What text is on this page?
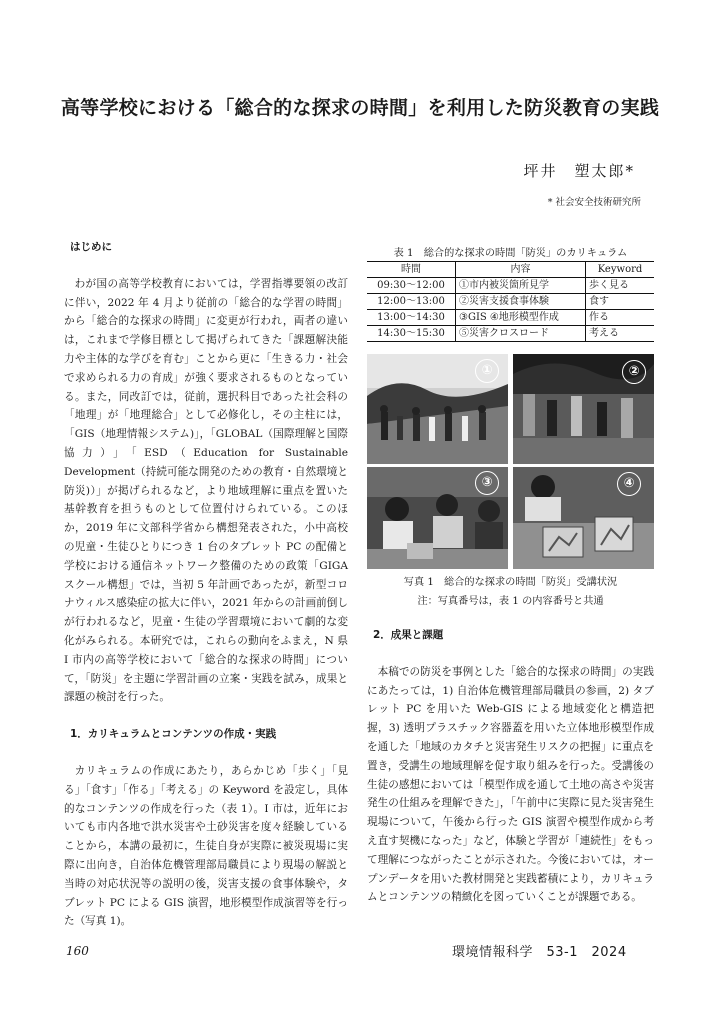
高等学校における「総合的な探求の時間」を利用した防災教育の実践
坪井　塑太郎*
* 社会安全技術研究所
はじめに

わが国の高等学校教育においては，学習指導要領の改訂に伴い，2022 年 4 月より従前の「総合的な学習の時間」から「総合的な探求の時間」に変更が行われ，両者の違いは，これまで学修目標として掲げられてきた「課題解決能力や主体的な学びを育む」ことから更に「生きる力・社会で求められる力の育成」が強く要求されるものとなっている。また，同改訂では，従前，選択科目であった社会科の「地理」が「地理総合」として必修化し，その主柱には，「GIS（地理情報システム)」，「GLOBAL（国際理解と国際協力）」「ESD（Education for Sustainable Development（持続可能な開発のための教育・自然環境と防災)）」が掲げられるなど，より地域理解に重点を置いた基幹教育を担うものとして位置付けられている。このほか，2019 年に文部科学省から構想発表された，小中高校の児童・生徒ひとりにつき 1 台のタブレット PC の配備と学校における通信ネットワーク整備のための政策「GIGA スクール構想」では，当初 5 年計画であったが，新型コロナウィルス感染症の拡大に伴い，2021 年からの計画前倒しが行われるなど，児童・生徒の学習環境において劇的な変化がみられる。本研究では，これらの動向をふまえ，N 県 I 市内の高等学校において「総合的な探求の時間」について，「防災」を主題に学習計画の立案・実践を試み，成果と課題の検討を行った。

1．カリキュラムとコンテンツの作成・実践

カリキュラムの作成にあたり，あらかじめ「歩く」「見る」「食す」「作る」「考える」の Keyword を設定し，具体的なコンテンツの作成を行った（表 1）。I 市は，近年においても市内各地で洪水災害や土砂災害を度々経験していることから，本講の最初に，生徒自身が実際に被災現場に実際に出向き，自治体危機管理部局職員により現場の解説と当時の対応状況等の説明の後，災害支援の食事体験や，タブレット PC による GIS 演習，地形模型作成演習等を行った（写真 1)。

表 1　総合的な探求の時間「防災」のカリキュラム
時間	内容	Keyword
09:30～12:00	①市内被災箇所見学	歩く見る
12:00～13:00	②災害支援食事体験	食す
13:00～14:30	③GIS ④地形模型作成	作る
14:30～15:30	⑤災害クロスロード	考える
①	②
③	④
写真 1　総合的な探求の時間「防災」受講状況
注：写真番号は，表 1 の内容番号と共通
2．成果と課題

本稿での防災を事例とした「総合的な探求の時間」の実践にあたっては，1) 自治体危機管理部局職員の参画，2) タブレット PC を用いた Web-GIS による地域変化と構造把握，3) 透明プラスチック容器蓋を用いた立体地形模型作成を通した「地域のカタチと災害発生リスクの把握」に重点を置き，受講生の地域理解を促す取り組みを行った。受講後の生徒の感想においては「模型作成を通して土地の高さや災害発生の仕組みを理解できた」，「午前中に実際に見た災害発生現場について，午後から行った GIS 演習や模型作成から考え直す契機になった」など，体験と学習が「連続性」をもって理解につながったことが示された。今後においては，オープンデータを用いた教材開発と実践蓄積により，カリキュラムとコンテンツの精緻化を図っていくことが課題である。

160	環境情報科学　53-1　2024
